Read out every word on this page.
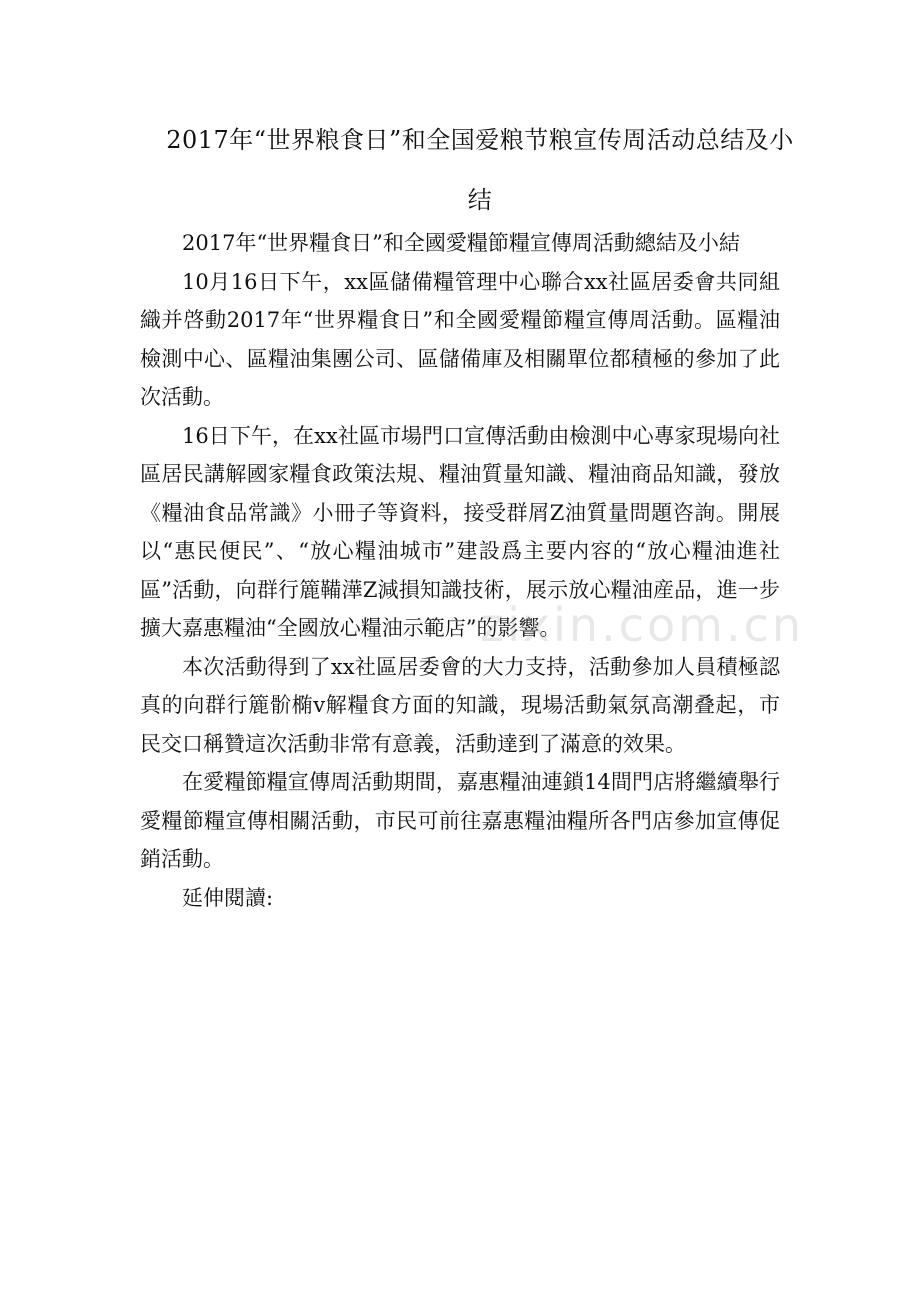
2017年“世界粮食日”和全国爱粮节粮宣传周活动总结及小结

2017年“世界糧食日”和全國愛糧節糧宣傳周活動總結及小結

10月16日下午，xx區儲備糧管理中心聯合xx社區居委會共同組織并啓動2017年“世界糧食日”和全國愛糧節糧宣傳周活動。區糧油檢測中心、區糧油集團公司、區儲備庫及相關單位都積極的參加了此次活動。

16日下午，在xx社區市場門口宣傳活動由檢測中心專家現場向社區居民講解國家糧食政策法規、糧油質量知識、糧油商品知識，發放《糧油食品常識》小冊子等資料，接受群屑Z油質量問題咨詢。開展以“惠民便民”、“放心糧油城市”建設爲主要内容的“放心糧油進社區”活動，向群行簏鞴澕Z減損知識技術，展示放心糧油産品，進一步擴大嘉惠糧油“全國放心糧油示範店”的影響。

本次活動得到了xx社區居委會的大力支持，活動參加人員積極認真的向群行簏骱椭v解糧食方面的知識，現場活動氣氛高潮叠起，市民交口稱贊這次活動非常有意義，活動達到了滿意的效果。

在愛糧節糧宣傳周活動期間，嘉惠糧油連鎖14間門店將繼續舉行愛糧節糧宣傳相關活動，市民可前往嘉惠糧油糧所各門店參加宣傳促銷活動。

延伸閱讀:

zixin.com.cn
